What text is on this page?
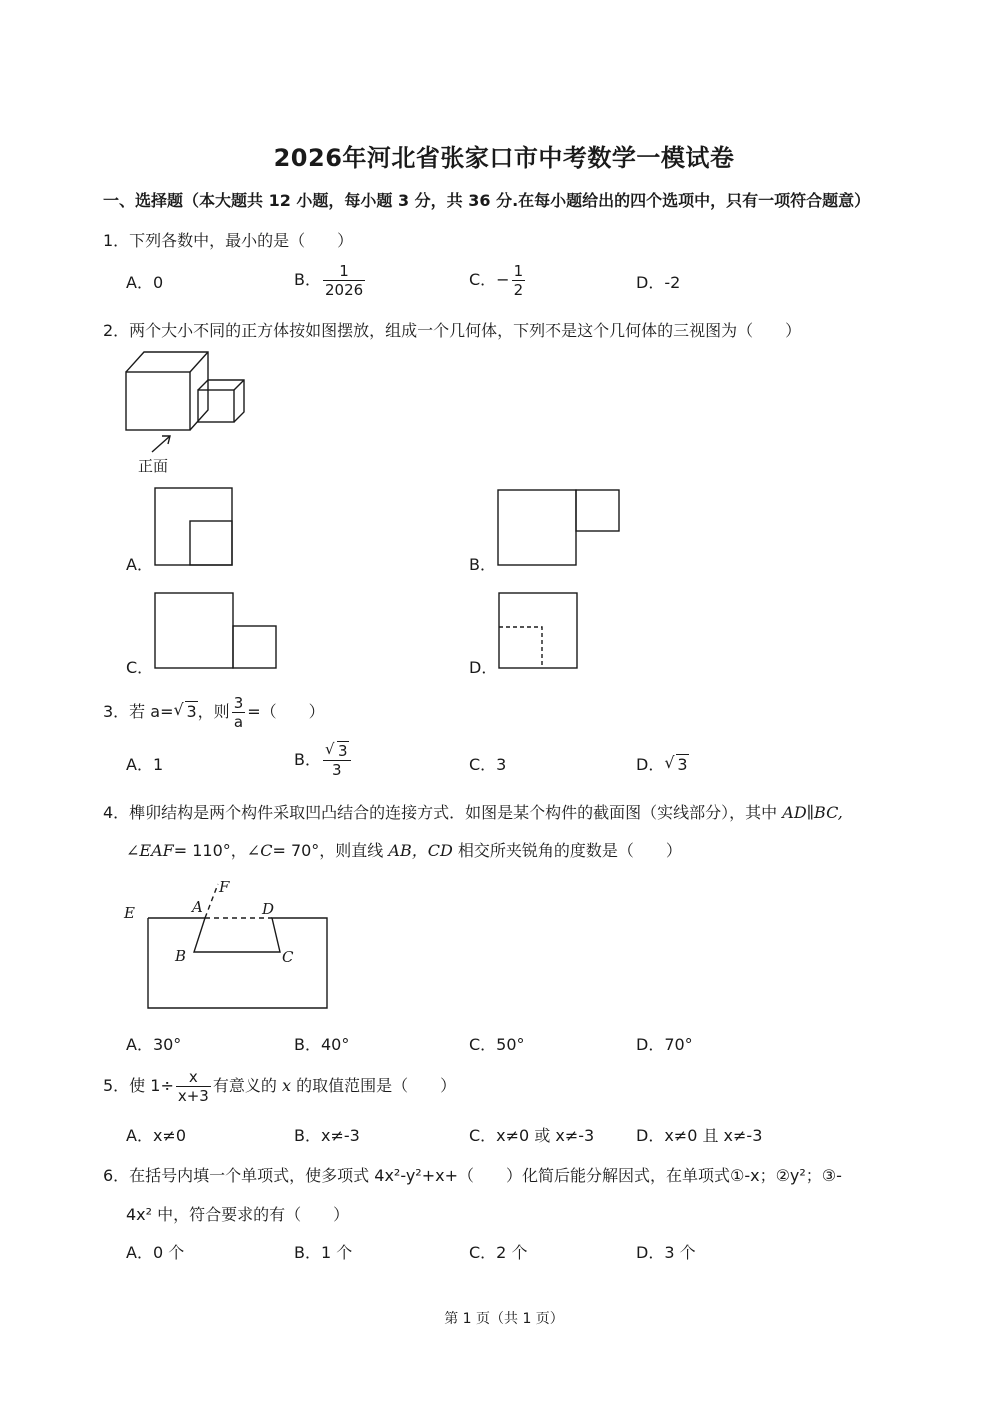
2026年河北省张家口市中考数学一模试卷
一、选择题（本大题共 12 小题，每小题 3 分，共 36 分.在每小题给出的四个选项中，只有一项符合题意）
1．下列各数中，最小的是（　　）
A．0	B． $\frac{1}{2026}$	C．− $\frac{1}{2}$	D．-2
2．两个大小不同的正方体按如图摆放，组成一个几何体，下列不是这个几何体的三视图为（　　）
正面
A．	B．
C．	D．
3．若 a= √ 3，则 $\frac{3}{a}$ =（　　）
A．1	B． $\frac{√ 3}{3}$	C．3	D． √ 3
4．榫卯结构是两个构件采取凹凸结合的连接方式．如图是某个构件的截面图（实线部分），其中 AD∥BC,
∠EAF= 110°，∠C= 70°，则直线 AB，CD 相交所夹锐角的度数是（　　）
E
F
A	D
B	C
A．30°	B．40°	C．50°	D．70°
5．使 $1\div \frac{x}{x+3}$ 有意义的 x 的取值范围是（　　）
A．x≠0	B．x≠-3	C．x≠0 或 x≠-3	D．x≠0 且 x≠-3
6．在括号内填一个单项式，使多项式 4x²-y²+x+（　　）化简后能分解因式，在单项式①-x；②y²；③-
4x² 中，符合要求的有（　　）
A．0 个	B．1 个	C．2 个	D．3 个
第 1 页（共 1 页）
